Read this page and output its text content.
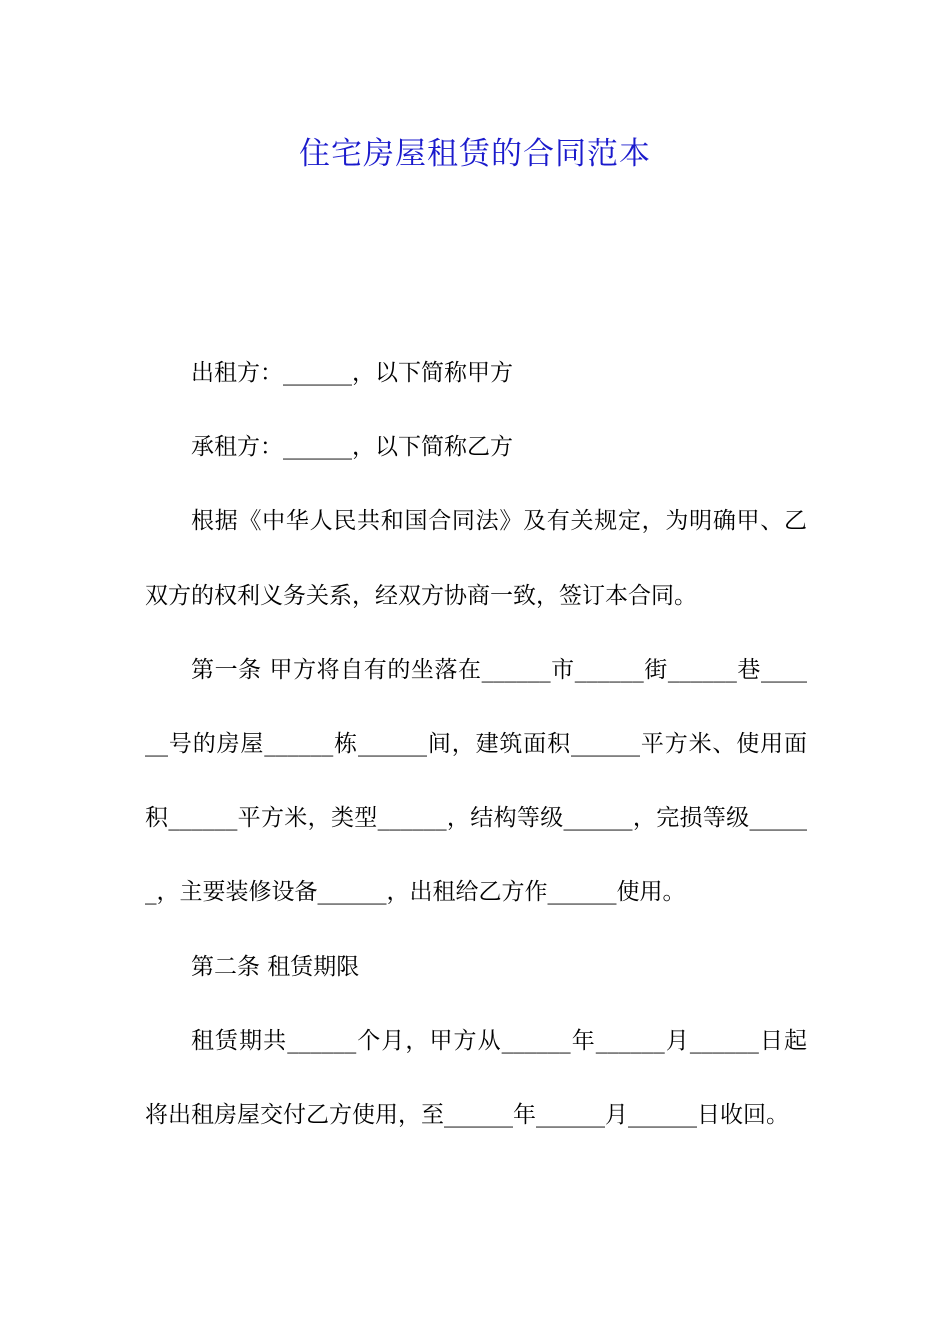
住宅房屋租赁的合同范本

出租方：______，以下简称甲方

承租方：______，以下简称乙方

根据《中华人民共和国合同法》及有关规定，为明确甲、乙双方的权利义务关系，经双方协商一致，签订本合同。

第一条 甲方将自有的坐落在______市______街______巷______号的房屋______栋______间，建筑面积______平方米、使用面积______平方米，类型______，结构等级______，完损等级______，主要装修设备______，出租给乙方作______使用。

第二条 租赁期限

租赁期共______个月，甲方从______年______月______日起将出租房屋交付乙方使用，至______年______月______日收回。
